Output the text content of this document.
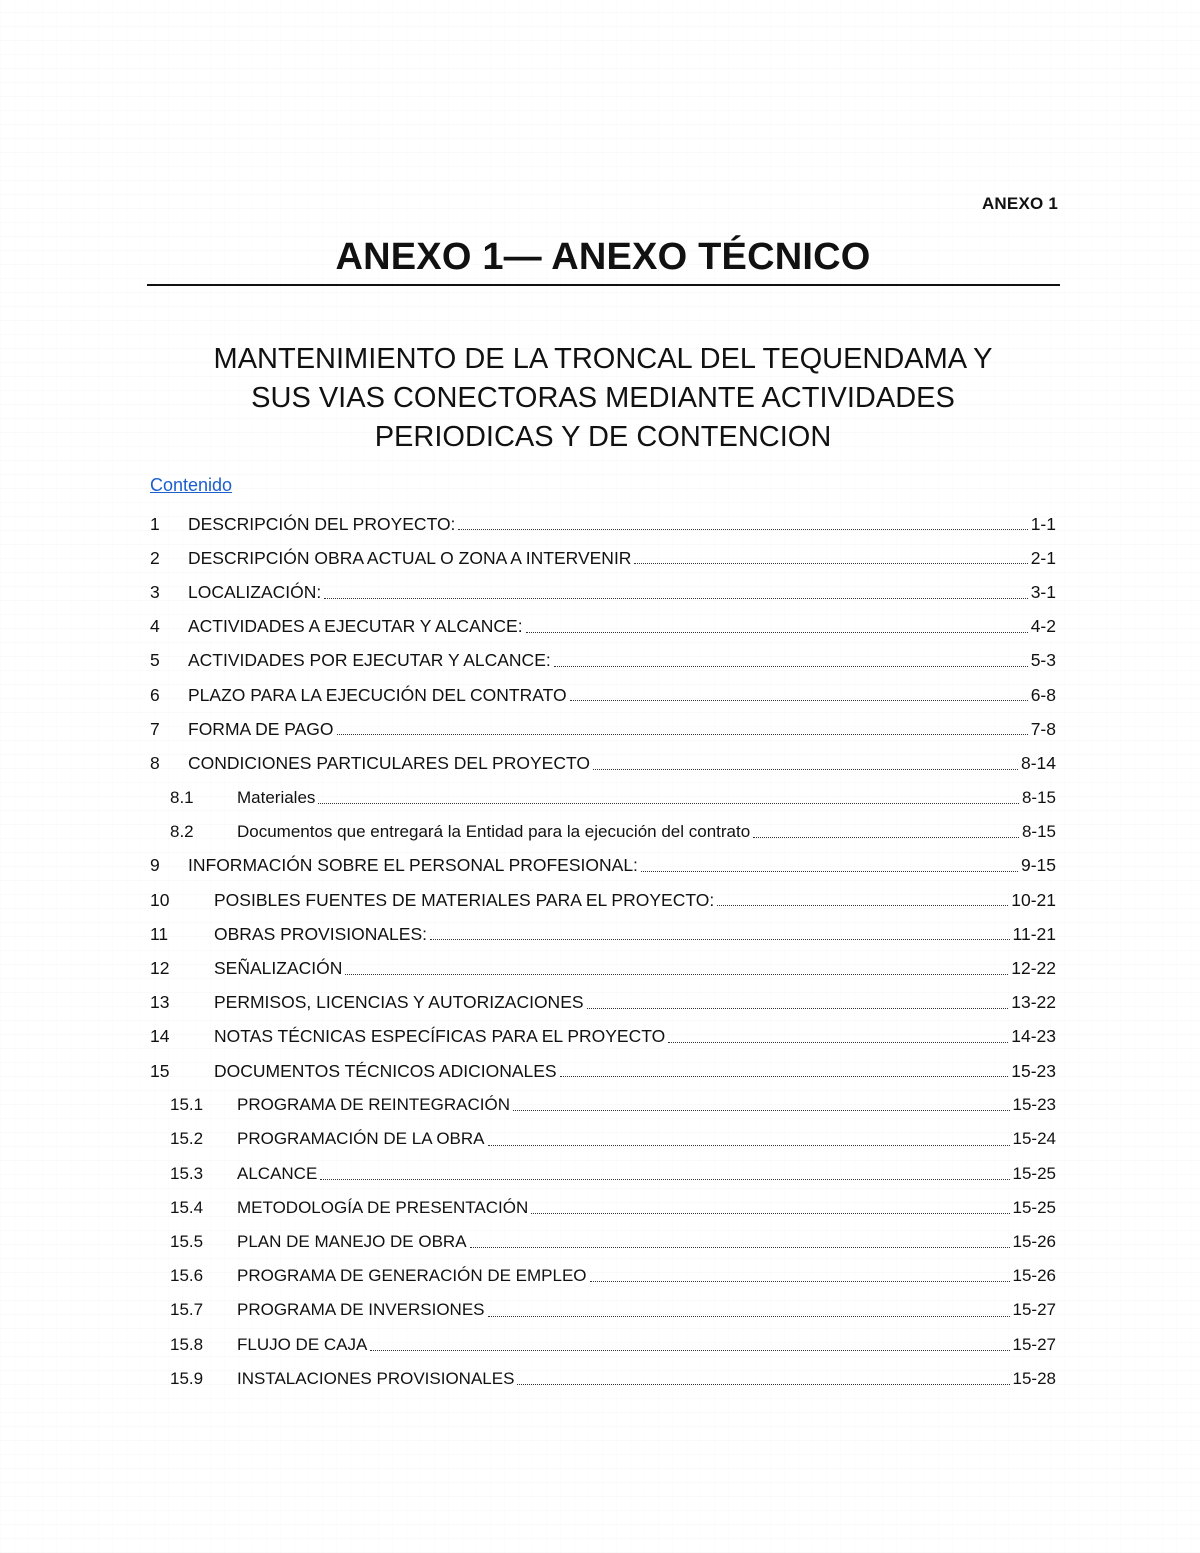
ANEXO 1
ANEXO 1— ANEXO TÉCNICO
MANTENIMIENTO DE LA TRONCAL DEL TEQUENDAMA Y
SUS VIAS CONECTORAS MEDIANTE ACTIVIDADES
PERIODICAS Y DE CONTENCION
Contenido
1	DESCRIPCIÓN DEL PROYECTO:	1-1
2	DESCRIPCIÓN OBRA ACTUAL O ZONA A INTERVENIR	2-1
3	LOCALIZACIÓN:	3-1
4	ACTIVIDADES A EJECUTAR Y ALCANCE:	4-2
5	ACTIVIDADES POR EJECUTAR Y ALCANCE:	5-3
6	PLAZO PARA LA EJECUCIÓN DEL CONTRATO	6-8
7	FORMA DE PAGO	7-8
8	CONDICIONES PARTICULARES DEL PROYECTO	8-14
8.1	Materiales	8-15
8.2	Documentos que entregará la Entidad para la ejecución del contrato	8-15
9	INFORMACIÓN SOBRE EL PERSONAL PROFESIONAL:	9-15
10	POSIBLES FUENTES DE MATERIALES PARA EL PROYECTO:	10-21
11	OBRAS PROVISIONALES:	11-21
12	SEÑALIZACIÓN	12-22
13	PERMISOS, LICENCIAS Y AUTORIZACIONES	13-22
14	NOTAS TÉCNICAS ESPECÍFICAS PARA EL PROYECTO	14-23
15	DOCUMENTOS TÉCNICOS ADICIONALES	15-23
15.1	PROGRAMA DE REINTEGRACIÓN	15-23
15.2	PROGRAMACIÓN DE LA OBRA	15-24
15.3	ALCANCE	15-25
15.4	METODOLOGÍA DE PRESENTACIÓN	15-25
15.5	PLAN DE MANEJO DE OBRA	15-26
15.6	PROGRAMA DE GENERACIÓN DE EMPLEO	15-26
15.7	PROGRAMA DE INVERSIONES	15-27
15.8	FLUJO DE CAJA	15-27
15.9	INSTALACIONES PROVISIONALES	15-28
